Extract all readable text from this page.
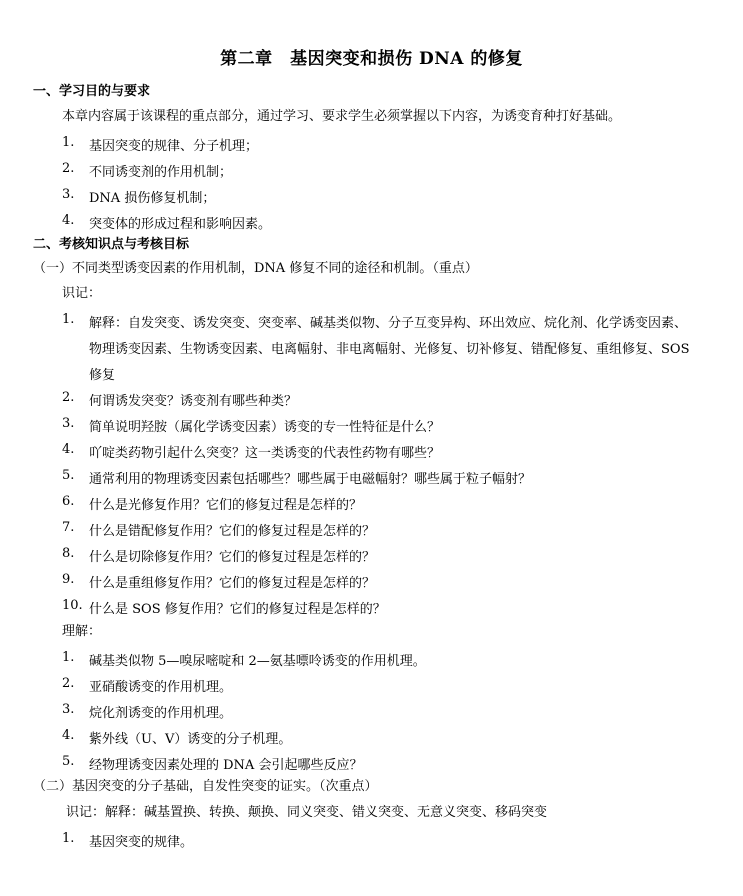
第二章　基因突变和损伤 DNA 的修复
一、学习目的与要求
本章内容属于该课程的重点部分，通过学习、要求学生必须掌握以下内容，为诱变育种打好基础。
1.	基因突变的规律、分子机理；
2.	不同诱变剂的作用机制；
3.	DNA 损伤修复机制；
4.	突变体的形成过程和影响因素。
二、考核知识点与考核目标
（一）不同类型诱变因素的作用机制，DNA 修复不同的途径和机制。（重点）
识记：
1.	解释：自发突变、诱发突变、突变率、碱基类似物、分子互变异构、环出效应、烷化剂、化学诱变因素、
物理诱变因素、生物诱变因素、电离幅射、非电离幅射、光修复、切补修复、错配修复、重组修复、SOS
修复
2.	何谓诱发突变？诱变剂有哪些种类？
3.	简单说明羟胺（属化学诱变因素）诱变的专一性特征是什么？
4.	吖啶类药物引起什么突变？这一类诱变的代表性药物有哪些？
5.	通常利用的物理诱变因素包括哪些？哪些属于电磁幅射？哪些属于粒子幅射？
6.	什么是光修复作用？它们的修复过程是怎样的？
7.	什么是错配修复作用？它们的修复过程是怎样的？
8.	什么是切除修复作用？它们的修复过程是怎样的？
9.	什么是重组修复作用？它们的修复过程是怎样的？
10. 什么是 SOS 修复作用？它们的修复过程是怎样的？
理解：
1.	碱基类似物 5—嗅尿嘧啶和 2—氨基嘌呤诱变的作用机理。
2.	亚硝酸诱变的作用机理。
3.	烷化剂诱变的作用机理。
4.	紫外线（U、V）诱变的分子机理。
5.	经物理诱变因素处理的 DNA 会引起哪些反应？
（二）基因突变的分子基础，自发性突变的证实。（次重点）
识记：解释：碱基置换、转换、颠换、同义突变、错义突变、无意义突变、移码突变
1.	基因突变的规律。
